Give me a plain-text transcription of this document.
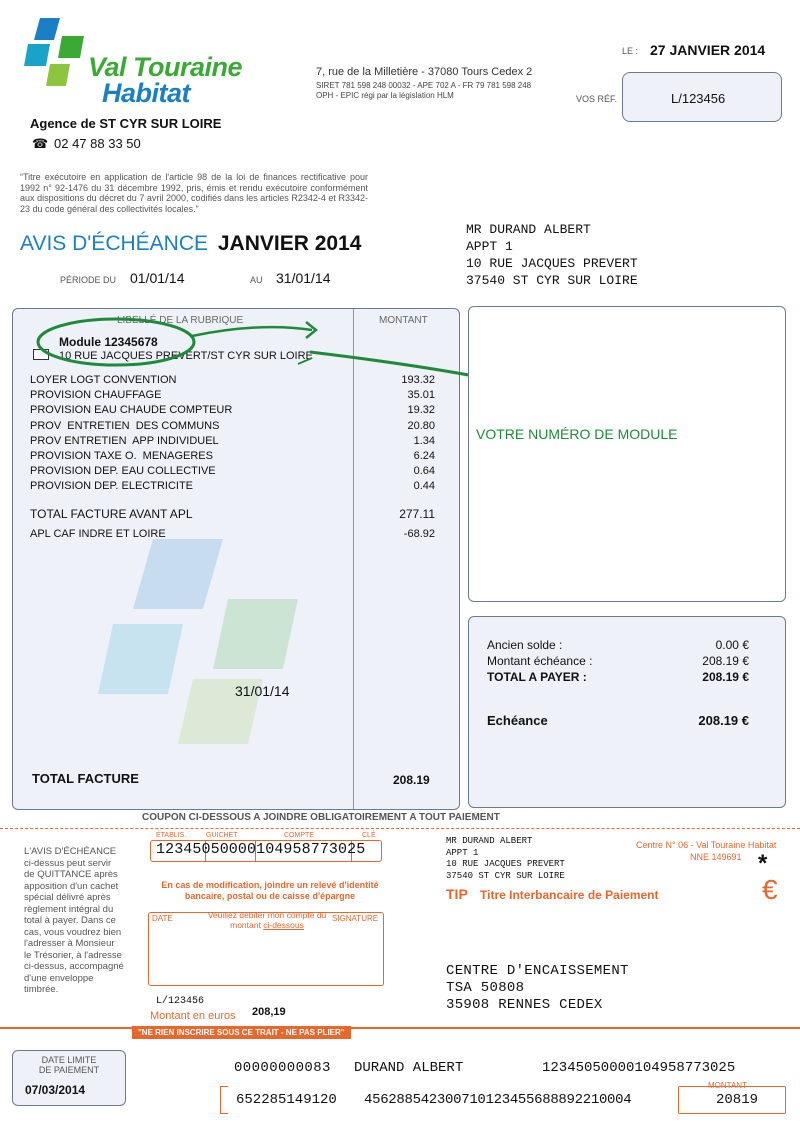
Val Touraine
Habitat
7, rue de la Milletière - 37080 Tours Cedex 2
SIRET 781 598 248 00032 - APE 702 A - FR 79 781 598 248
OPH - EPIC régi par la législation HLM
LE : 27 JANVIER 2014
VOS RÉF.	L/123456
Agence de ST CYR SUR LOIRE
☎ 02 47 88 33 50
“Titre exécutoire en application de l'article 98 de la loi de finances rectificative pour 1992 n° 92-1476 du 31 décembre 1992, pris, émis et rendu exécutoire conformément aux dispositions du décret du 7 avril 2000, codifiés dans les articles R2342-4 et R3342-23 du code général des collectivités locales.”
AVIS D'ÉCHÉANCE JANVIER 2014
PÉRIODE DU 01/01/14	AU 31/01/14
MR DURAND ALBERT
APPT 1
10 RUE JACQUES PREVERT
37540 ST CYR SUR LOIRE
LIBELLÉ DE LA RUBRIQUE	MONTANT
Module 12345678
10 RUE JACQUES PREVERT/ST CYR SUR LOIRE
LOYER LOGT CONVENTION	193.32
PROVISION CHAUFFAGE	35.01
PROVISION EAU CHAUDE COMPTEUR	19.32
PROV  ENTRETIEN  DES COMMUNS	20.80
PROV ENTRETIEN  APP INDIVIDUEL	1.34
PROVISION TAXE O.  MENAGERES	6.24
PROVISION DEP. EAU COLLECTIVE	0.64
PROVISION DEP. ELECTRICITE	0.44
TOTAL FACTURE AVANT APL	277.11
APL CAF INDRE ET LOIRE	-68.92
31/01/14
TOTAL FACTURE	208.19
VOTRE NUMÉRO DE MODULE
Ancien solde :	0.00 €
Montant échéance :	208.19 €
TOTAL A PAYER :	208.19 €
Echéance	208.19 €
COUPON CI-DESSOUS A JOINDRE OBLIGATOIREMENT A TOUT PAIEMENT
L'AVIS D'ÉCHÉANCE ci-dessus peut servir de QUITTANCE après apposition d'un cachet spécial délivré après règlement intégral du total à payer. Dans ce cas, vous voudrez bien l'adresser à Monsieur le Trésorier, à l'adresse ci-dessus, accompagné d'une enveloppe timbrée.
ÉTABLIS.	GUICHET	COMPTE	CLÉ
12345050000104958773025	MR DURAND ALBERT
APPT 1
10 RUE JACQUES PREVERT
37540 ST CYR SUR LOIRE
Centre N° 06 - Val Touraine Habitat
NNE 149691 *
En cas de modification, joindre un relevé d'identité bancaire, postal ou de caisse d'épargne	TIP Titre Interbancaire de Paiement	€
DATE	Veuillez débiter mon compte du montant ci-dessous
SIGNATURE
L/123456
Montant en euros 208,19
CENTRE D'ENCAISSEMENT
TSA 50808
35908 RENNES CEDEX
"NE RIEN INSCRIRE SOUS CE TRAIT - NE PAS PLIER"
DATE LIMITE
DE PAIEMENT
07/03/2014
00000000083 DURAND ALBERT	12345050000104958773025
652285149120 456288542300710123455688892210004
MONTANT
20819
